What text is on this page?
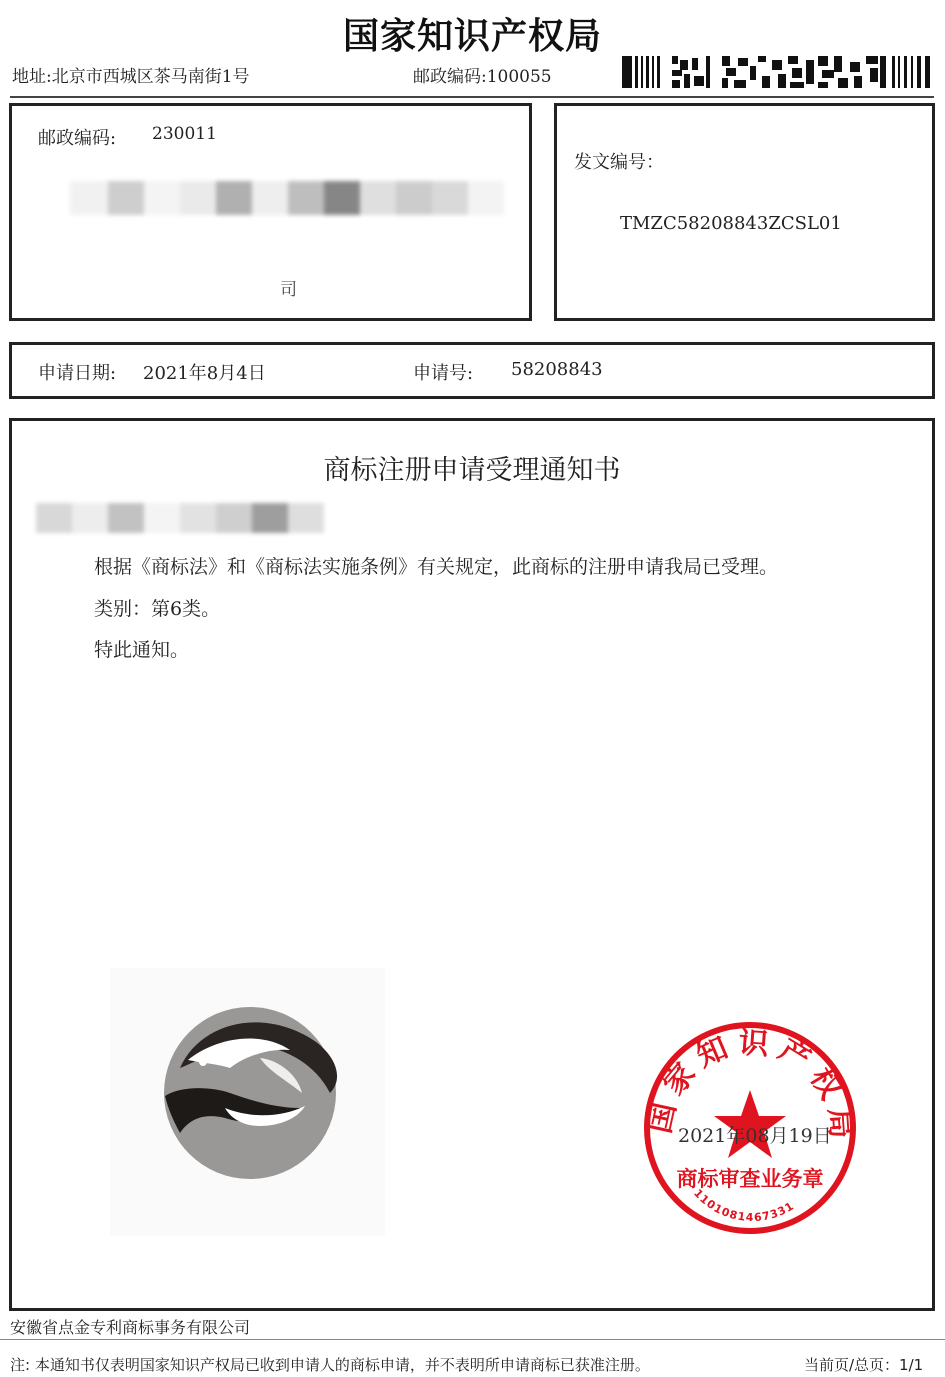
国家知识产权局
地址:北京市西城区茶马南街1号	邮政编码:100055
邮政编码: 230011
司
发文编号：
TMZC58208843ZCSL01
申请日期: 2021年8月4日	申请号: 58208843
商标注册申请受理通知书
根据《商标法》和《商标法实施条例》有关规定，此商标的注册申请我局已受理。
类别：第6类。
特此通知。
国家知识产权局
商标审查业务章
1101081467331
2021年08月19日
安徽省点金专利商标事务有限公司
注: 本通知书仅表明国家知识产权局已收到申请人的商标申请，并不表明所申请商标已获准注册。	当前页/总页：1/1
